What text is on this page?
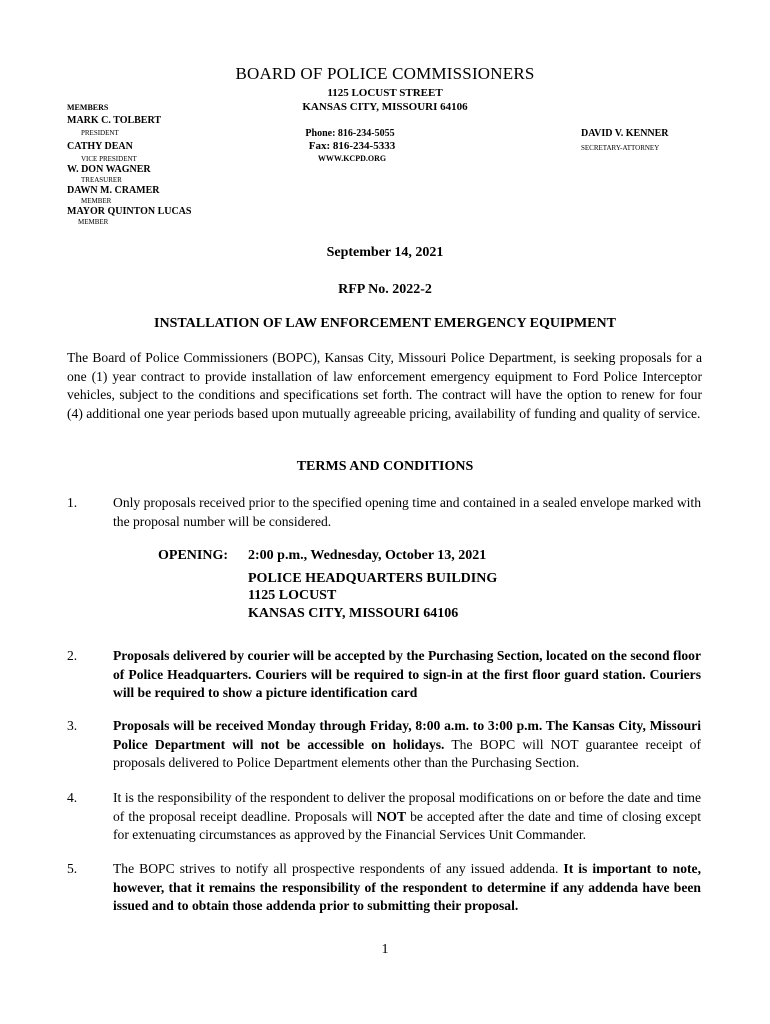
BOARD OF POLICE COMMISSIONERS
1125 LOCUST STREET
KANSAS CITY, MISSOURI 64106
MEMBERS
MARK C. TOLBERT
PRESIDENT
CATHY DEAN
VICE PRESIDENT
W. DON WAGNER
TREASURER
DAWN M. CRAMER
MEMBER
MAYOR QUINTON LUCAS
MEMBER
Phone: 816-234-5055
Fax: 816-234-5333
WWW.KCPD.ORG
DAVID V. KENNER
SECRETARY-ATTORNEY
September 14, 2021
RFP No. 2022-2
INSTALLATION OF LAW ENFORCEMENT EMERGENCY EQUIPMENT
The Board of Police Commissioners (BOPC), Kansas City, Missouri Police Department, is seeking proposals for a one (1) year contract to provide installation of law enforcement emergency equipment to Ford Police Interceptor vehicles, subject to the conditions and specifications set forth. The contract will have the option to renew for four (4) additional one year periods based upon mutually agreeable pricing, availability of funding and quality of service.
TERMS AND CONDITIONS
1.	Only proposals received prior to the specified opening time and contained in a sealed envelope marked with the proposal number will be considered.
OPENING: 2:00 p.m., Wednesday, October 13, 2021
POLICE HEADQUARTERS BUILDING
1125 LOCUST
KANSAS CITY, MISSOURI 64106
2.	Proposals delivered by courier will be accepted by the Purchasing Section, located on the second floor of Police Headquarters. Couriers will be required to sign-in at the first floor guard station. Couriers will be required to show a picture identification card
3.	Proposals will be received Monday through Friday, 8:00 a.m. to 3:00 p.m. The Kansas City, Missouri Police Department will not be accessible on holidays. The BOPC will NOT guarantee receipt of proposals delivered to Police Department elements other than the Purchasing Section.
4.	It is the responsibility of the respondent to deliver the proposal modifications on or before the date and time of the proposal receipt deadline. Proposals will NOT be accepted after the date and time of closing except for extenuating circumstances as approved by the Financial Services Unit Commander.
5.	The BOPC strives to notify all prospective respondents of any issued addenda. It is important to note, however, that it remains the responsibility of the respondent to determine if any addenda have been issued and to obtain those addenda prior to submitting their proposal.
1
